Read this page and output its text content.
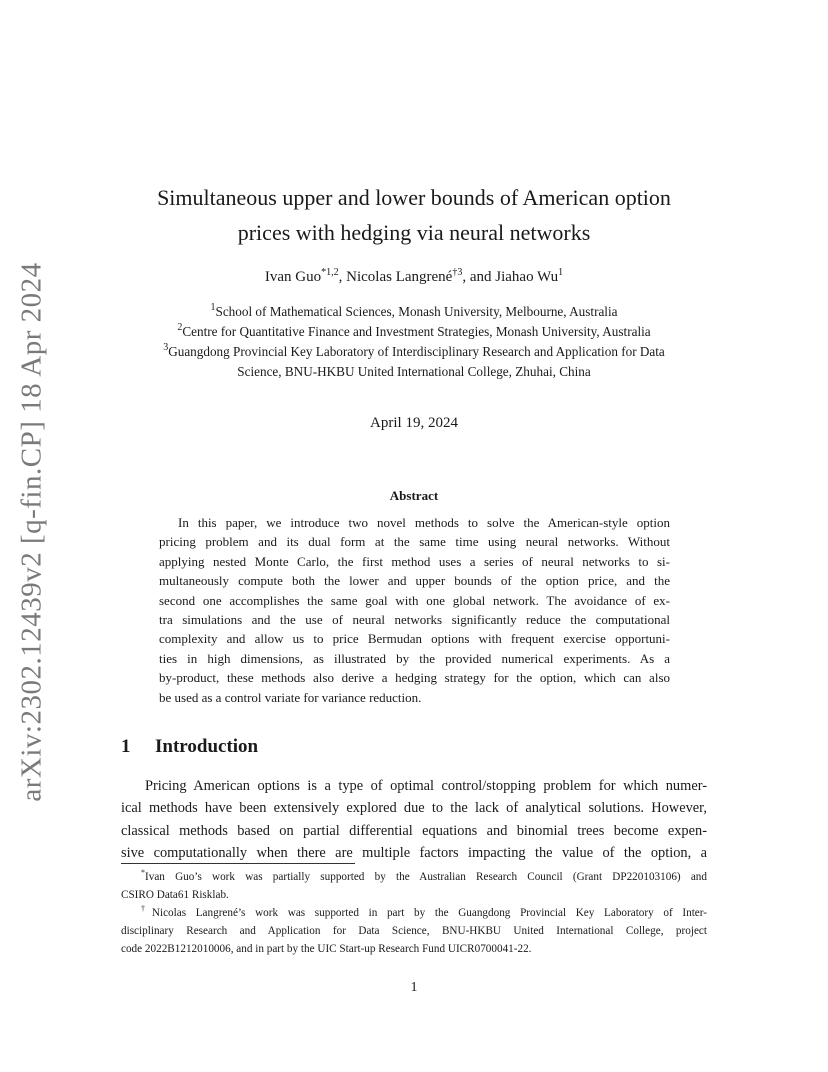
arXiv:2302.12439v2 [q-fin.CP] 18 Apr 2024
Simultaneous upper and lower bounds of American option
prices with hedging via neural networks
Ivan Guo$^{*1,2}$, Nicolas Langrené$^{\dagger 3}$, and Jiahao Wu$^1$
$^1$School of Mathematical Sciences, Monash University, Melbourne, Australia
$^2$Centre for Quantitative Finance and Investment Strategies, Monash University, Australia
$^3$Guangdong Provincial Key Laboratory of Interdisciplinary Research and Application for Data
Science, BNU-HKBU United International College, Zhuhai, China
April 19, 2024
Abstract
In this paper, we introduce two novel methods to solve the American-style option
pricing problem and its dual form at the same time using neural networks. Without
applying nested Monte Carlo, the first method uses a series of neural networks to si-
multaneously compute both the lower and upper bounds of the option price, and the
second one accomplishes the same goal with one global network. The avoidance of ex-
tra simulations and the use of neural networks significantly reduce the computational
complexity and allow us to price Bermudan options with frequent exercise opportuni-
ties in high dimensions, as illustrated by the provided numerical experiments. As a
by-product, these methods also derive a hedging strategy for the option, which can also
be used as a control variate for variance reduction.
1 Introduction
Pricing American options is a type of optimal control/stopping problem for which numer-
ical methods have been extensively explored due to the lack of analytical solutions. However,
classical methods based on partial differential equations and binomial trees become expen-
sive computationally when there are multiple factors impacting the value of the option, a
*Ivan Guo’s work was partially supported by the Australian Research Council (Grant DP220103106) and
CSIRO Data61 Risklab.
†Nicolas Langrené’s work was supported in part by the Guangdong Provincial Key Laboratory of Inter-
disciplinary Research and Application for Data Science, BNU-HKBU United International College, project
code 2022B1212010006, and in part by the UIC Start-up Research Fund UICR0700041-22.
1
